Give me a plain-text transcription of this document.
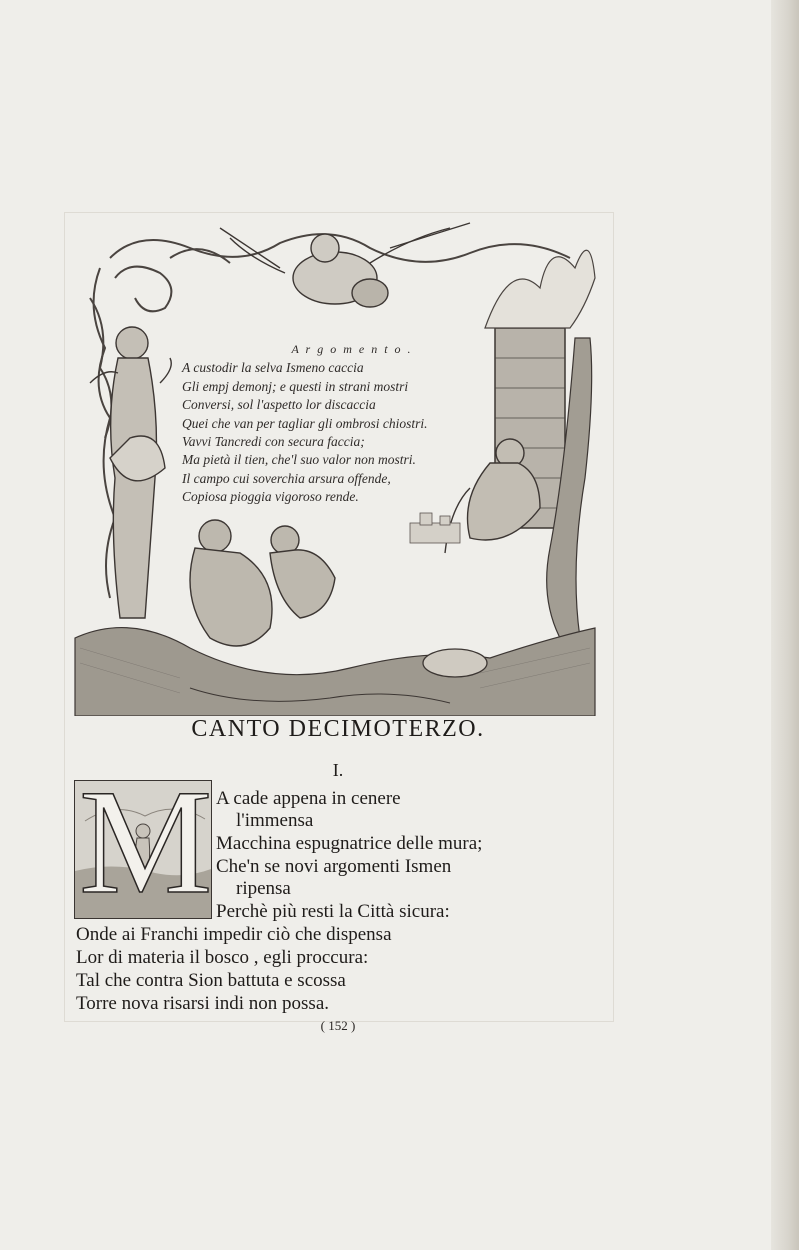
A r g o m e n t o .
A custodir la selva Ismeno caccia
Gli empj demonj; e questi in strani mostri
Conversi, sol l'aspetto lor discaccia
Quei che van per tagliar gli ombrosi chiostri.
Vavvi Tancredi con secura faccia;
Ma pietà il tien, che'l suo valor non mostri.
Il campo cui soverchia arsura offende,
Copiosa pioggia vigoroso rende.
CANTO DECIMOTERZO.
I.
M A cade appena in cenere
l'immensa
Macchina espugnatrice delle mura;
Che'n se novi argomenti Ismen
ripensa
Perchè più resti la Città sicura:
Onde ai Franchi impedir ciò che dispensa
Lor di materia il bosco , egli proccura:
Tal che contra Sion battuta e scossa
Torre nova risarsi indi non possa.
( 152 )
